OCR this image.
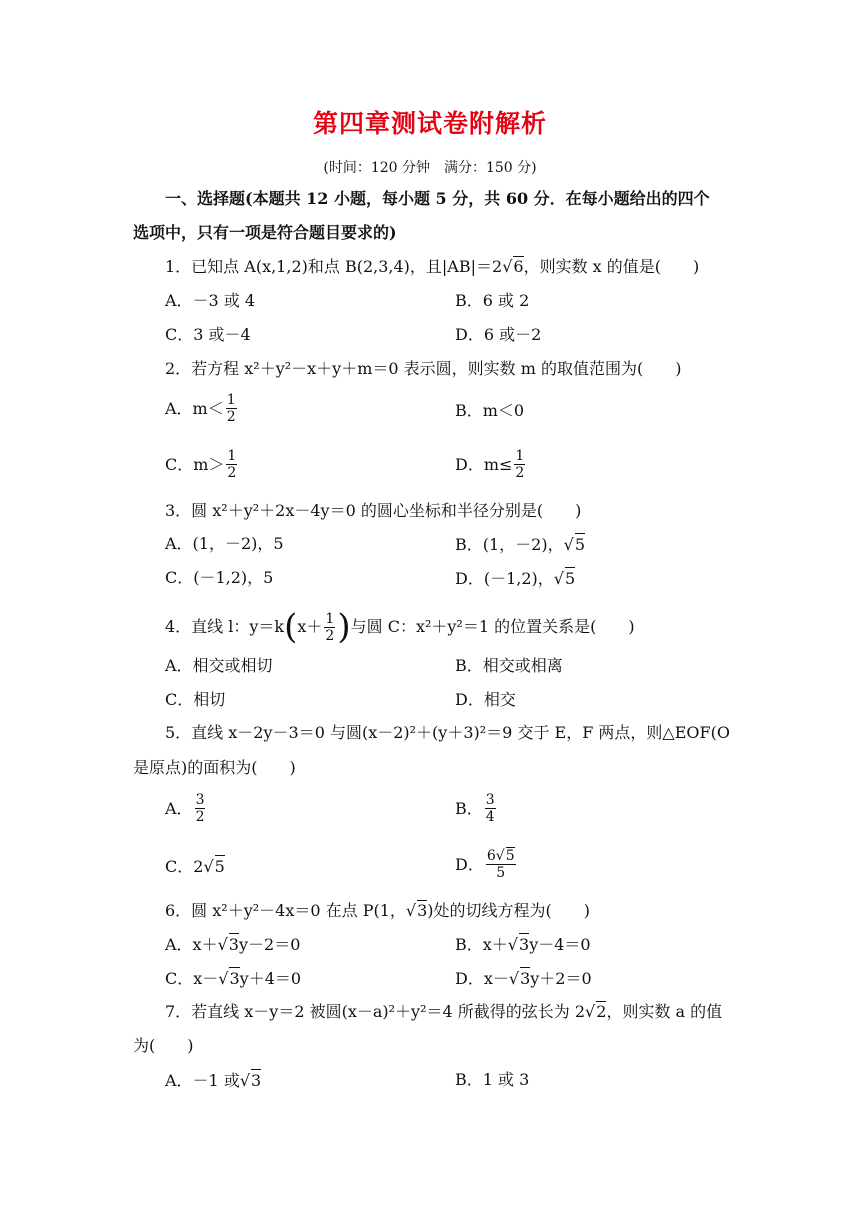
第四章测试卷附解析
(时间：120 分钟　满分：150 分)
一、选择题(本题共 12 小题，每小题 5 分，共 60 分．在每小题给出的四个
选项中，只有一项是符合题目要求的)
1．已知点 A(x,1,2)和点 B(2,3,4)，且|AB|＝2√6，则实数 x 的值是(　　)
A．－3 或 4	B．6 或 2
C．3 或－4	D．6 或－2
2．若方程 x²＋y²－x＋y＋m＝0 表示圆，则实数 m 的取值范围为(　　)
A．$m< \frac{1}{2}$	B．m＜0
C．$m> \frac{1}{2}$	D．$m\le \frac{1}{2}$
3．圆 x²＋y²＋2x－4y＝0 的圆心坐标和半径分别是(　　)
A．(1，－2)，5	B．(1，－2)， √ 5
C．(－1,2)，5	D．(－1,2)， √ 5
4．直线 l：y＝k ( $x+ \frac{1}{2}$ ) 与圆 C：x²＋y²＝1 的位置关系是(　　)
A．相交或相切	B．相交或相离
C．相切	D．相交
5．直线 x－2y－3＝0 与圆(x－2)²＋(y＋3)²＝9 交于 E，F 两点，则△EOF(O
是原点)的面积为(　　)
A． $\frac{3}{2}$	B． $\frac{3}{4}$
C．2 √ 5	D． $\frac{6√5}{5}$
6．圆 x²＋y²－4x＝0 在点 P(1，√3)处的切线方程为(　　)
A．x＋ √ 3 y－2＝0	B．x＋ √ 3 y－4＝0
C．x－ √ 3 y＋4＝0	D．x－ √ 3 y＋2＝0
7．若直线 x－y＝2 被圆(x－a)²＋y²＝4 所截得的弦长为 2√2，则实数 a 的值
为(　　)
A．－1 或 √ 3	B．1 或 3
